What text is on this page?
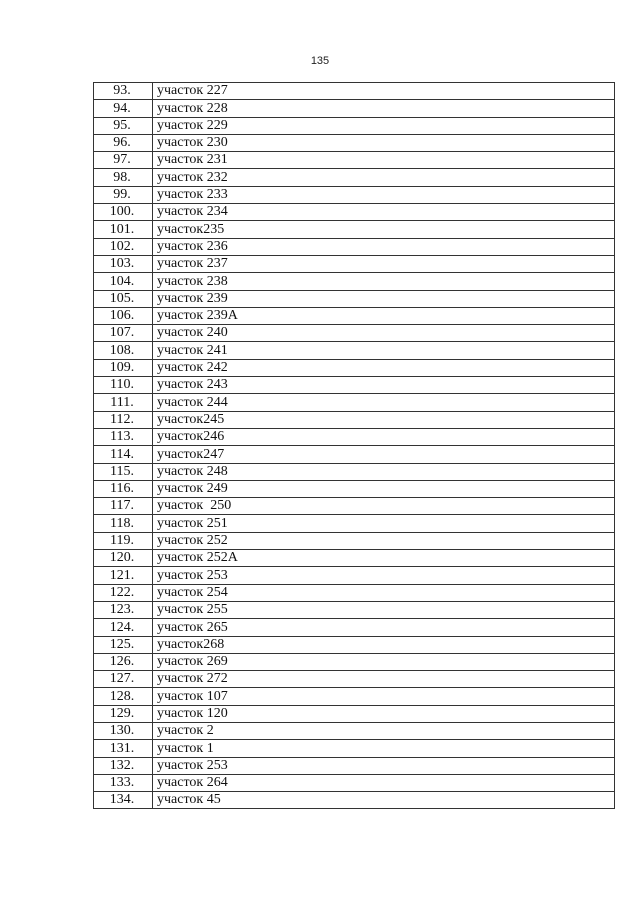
135
93.	участок 227
94.	участок 228
95.	участок 229
96.	участок 230
97.	участок 231
98.	участок 232
99.	участок 233
100.	участок 234
101.	участок235
102.	участок 236
103.	участок 237
104.	участок 238
105.	участок 239
106.	участок 239А
107.	участок 240
108.	участок 241
109.	участок 242
110.	участок 243
111.	участок 244
112.	участок245
113.	участок246
114.	участок247
115.	участок 248
116.	участок 249
117.	участок  250
118.	участок 251
119.	участок 252
120.	участок 252А
121.	участок 253
122.	участок 254
123.	участок 255
124.	участок 265
125.	участок268
126.	участок 269
127.	участок 272
128.	участок 107
129.	участок 120
130.	участок 2
131.	участок 1
132.	участок 253
133.	участок 264
134.	участок 45
